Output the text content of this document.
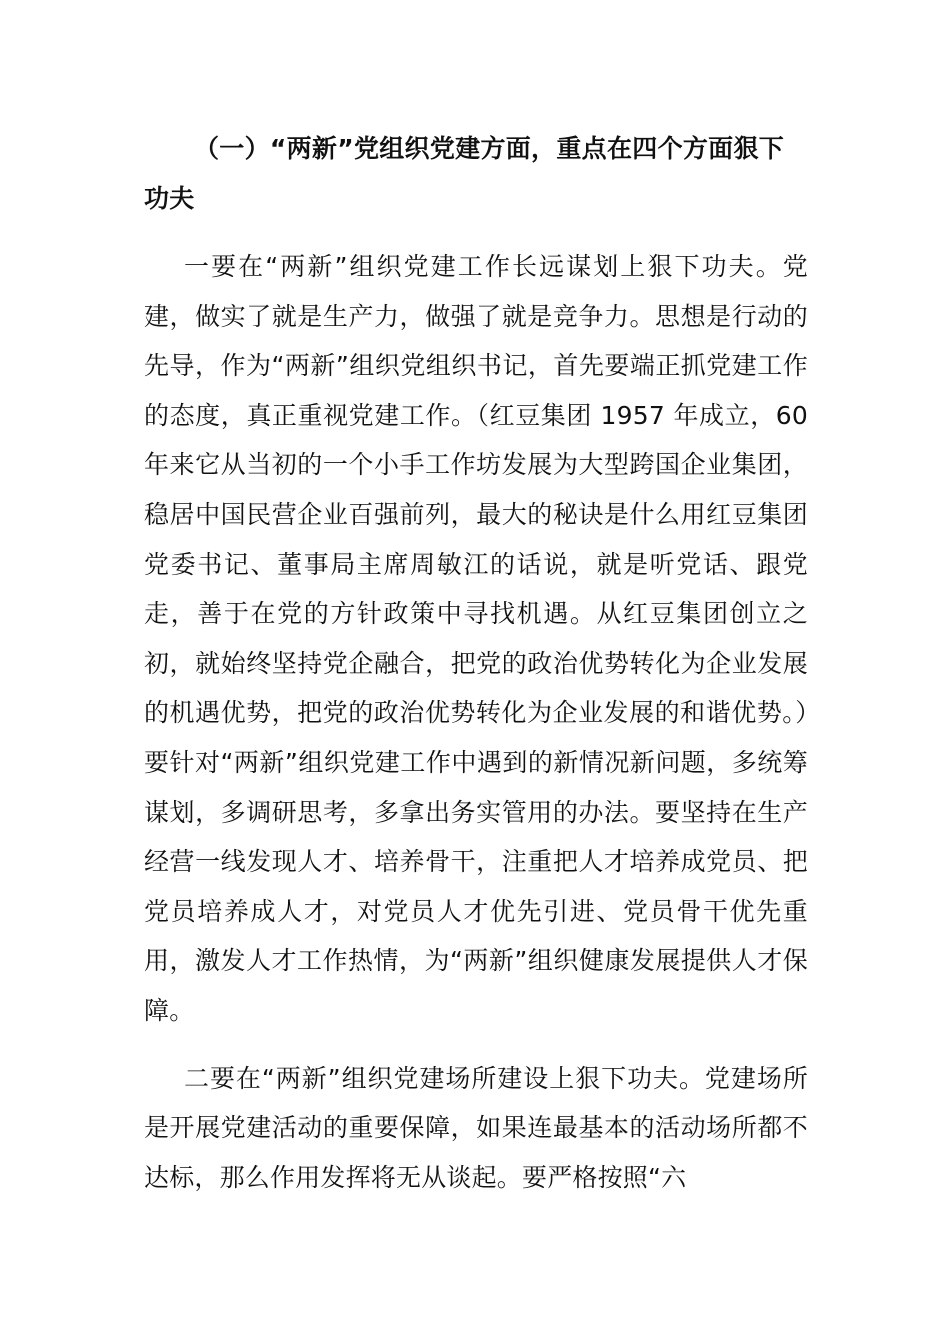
（一）“两新”党组织党建方面，重点在四个方面狠下功夫

一要在“两新”组织党建工作长远谋划上狠下功夫。党建，做实了就是生产力，做强了就是竞争力。思想是行动的先导，作为“两新”组织党组织书记，首先要端正抓党建工作的态度，真正重视党建工作。（红豆集团 1957 年成立，60 年来它从当初的一个小手工作坊发展为大型跨国企业集团，稳居中国民营企业百强前列，最大的秘诀是什么用红豆集团党委书记、董事局主席周敏江的话说，就是听党话、跟党走，善于在党的方针政策中寻找机遇。从红豆集团创立之初，就始终坚持党企融合，把党的政治优势转化为企业发展的机遇优势，把党的政治优势转化为企业发展的和谐优势。）要针对“两新”组织党建工作中遇到的新情况新问题，多统筹谋划，多调研思考，多拿出务实管用的办法。要坚持在生产经营一线发现人才、培养骨干，注重把人才培养成党员、把党员培养成人才，对党员人才优先引进、党员骨干优先重用，激发人才工作热情，为“两新”组织健康发展提供人才保障。

二要在“两新”组织党建场所建设上狠下功夫。党建场所是开展党建活动的重要保障，如果连最基本的活动场所都不达标，那么作用发挥将无从谈起。要严格按照“六
